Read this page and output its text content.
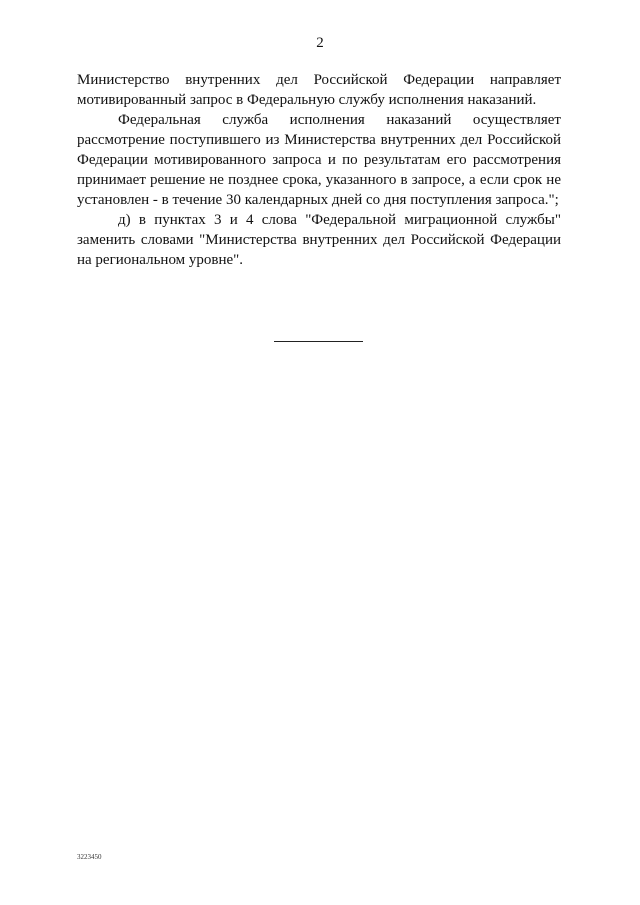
2

Министерство внутренних дел Российской Федерации направляет мотивированный запрос в Федеральную службу исполнения наказаний.

Федеральная служба исполнения наказаний осуществляет рассмотрение поступившего из Министерства внутренних дел Российской Федерации мотивированного запроса и по результатам его рассмотрения принимает решение не позднее срока, указанного в запросе, а если срок не установлен - в течение 30 календарных дней со дня поступления запроса.";

д) в пунктах 3 и 4 слова "Федеральной миграционной службы" заменить словами "Министерства внутренних дел Российской Федерации на региональном уровне".

3223450
